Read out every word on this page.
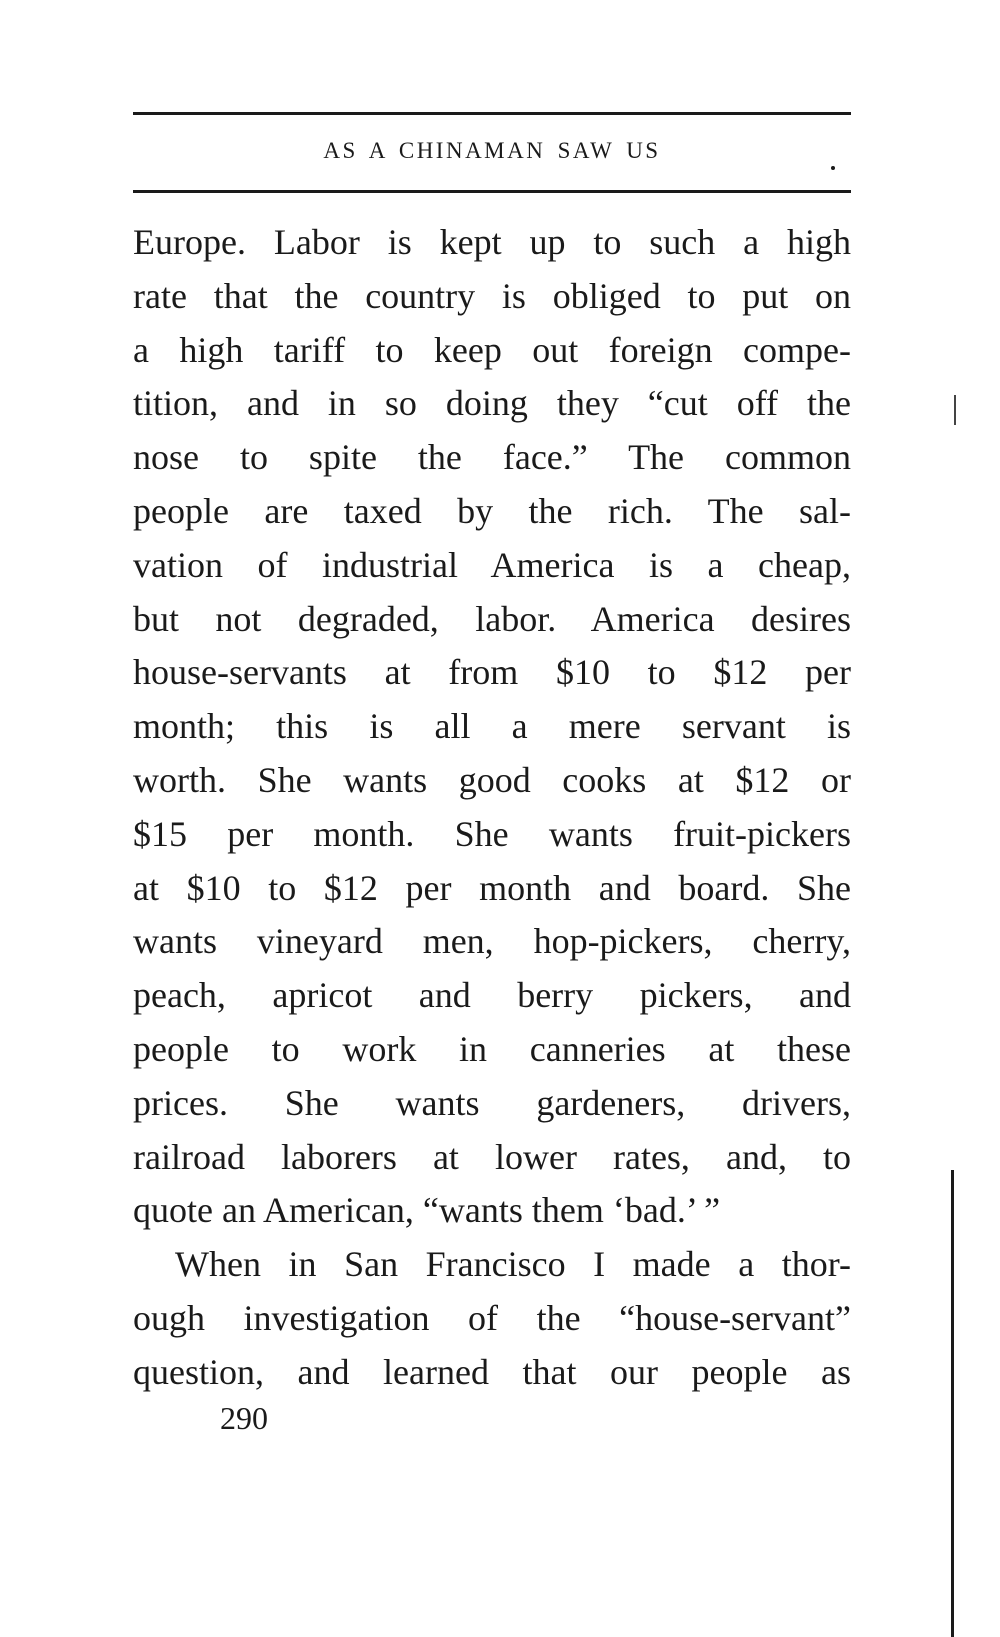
AS A CHINAMAN SAW US
Europe. Labor is kept up to such a high
rate that the country is obliged to put on
a high tariff to keep out foreign compe-
tition, and in so doing they “cut off the
nose to spite the face.” The common
people are taxed by the rich. The sal-
vation of industrial America is a cheap,
but not degraded, labor. America desires
house-servants at from $10 to $12 per
month; this is all a mere servant is
worth. She wants good cooks at $12 or
$15 per month. She wants fruit-pickers
at $10 to $12 per month and board. She
wants vineyard men, hop-pickers, cherry,
peach, apricot and berry pickers, and
people to work in canneries at these
prices. She wants gardeners, drivers,
railroad laborers at lower rates, and, to
quote an American, “wants them ‘bad.’ ”
When in San Francisco I made a thor-
ough investigation of the “house-servant”
question, and learned that our people as
290
